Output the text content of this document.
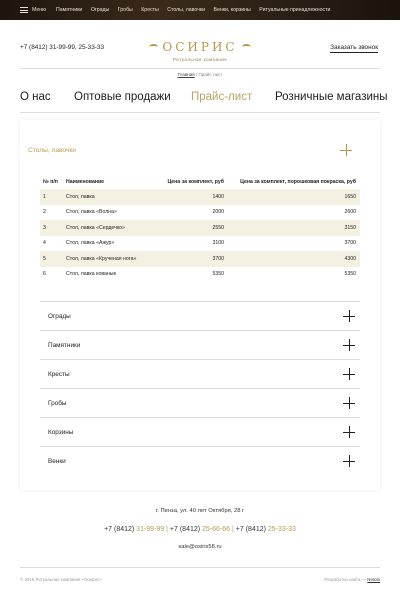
Меню Памятники Ограды Гробы Кресты Столы, лавочки Венки, корзины Ритуальные принадлежности
+7 (8412) 31-99-99, 25-33-33	ОСИРИС
Ритуальная компания
Заказать звонок
Главная / Прайс-лист
О нас Оптовые продажи Прайс-лист Розничные магазины
Столы, лавочки
№ п/п	Наименование	Цена за комплект, руб	Цена за комплект, порошковая покраска, руб
1	Стол, лавка	1400	1650
2	Стол, лавка «Волна»	2000	2600
3	Стол, лавка «Сердечко»	2550	3150
4	Стол, лавка «Ажур»	3100	3700
5	Стол, лавка «Крученая нога»	3700	4300
6	Стол, лавка кованые	5350	5350
Ограды
Памятники
Кресты
Гробы
Корзины
Венки
г. Пенза, ул. 40 лет Октября, 28 г
+7 (8412) 31-99-99 | +7 (8412) 25-66-66 | +7 (8412) 25-33-33
sale@osiris58.ru
© 2016 Ритуальная компания «Осирис»	Разработка сайта — Netolo
